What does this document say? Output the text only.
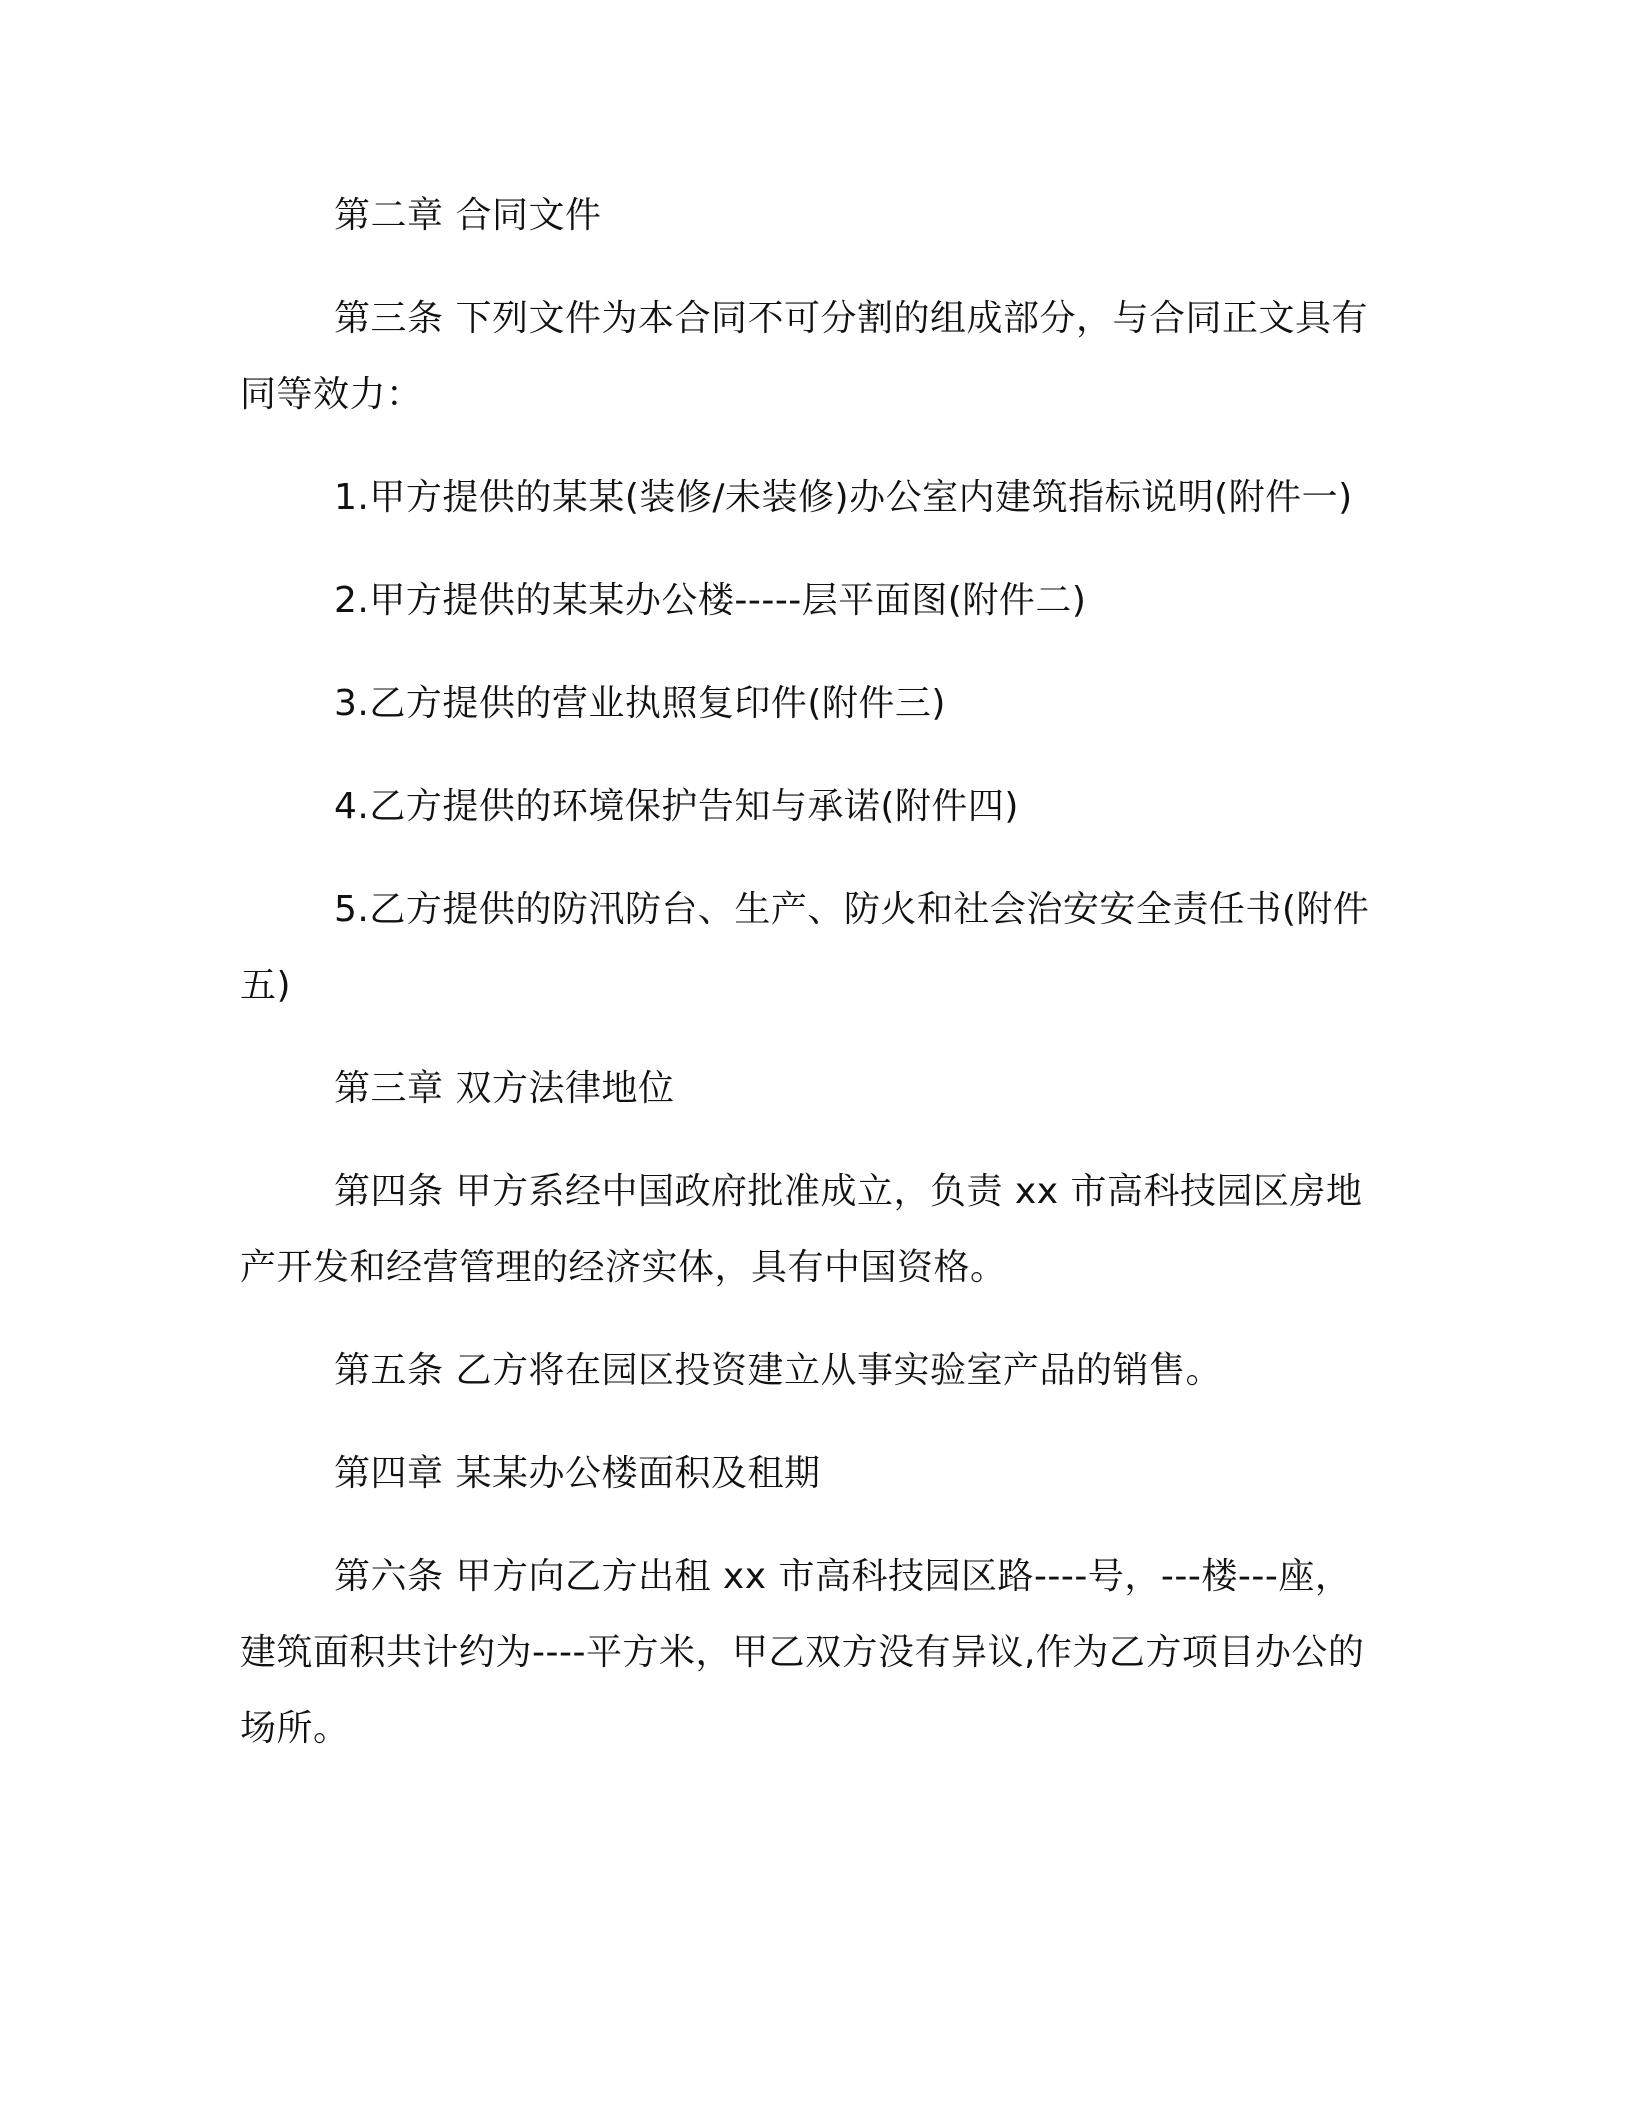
第二章 合同文件
第三条 下列文件为本合同不可分割的组成部分，与合同正文具有
同等效力：
1.甲方提供的某某(装修/未装修)办公室内建筑指标说明(附件一)
2.甲方提供的某某办公楼-----层平面图(附件二)
3.乙方提供的营业执照复印件(附件三)
4.乙方提供的环境保护告知与承诺(附件四)
5.乙方提供的防汛防台、生产、防火和社会治安安全责任书(附件
五)
第三章 双方法律地位
第四条 甲方系经中国政府批准成立，负责 xx 市高科技园区房地
产开发和经营管理的经济实体，具有中国资格。
第五条 乙方将在园区投资建立从事实验室产品的销售。
第四章 某某办公楼面积及租期
第六条 甲方向乙方出租 xx 市高科技园区路----号，---楼---座，
建筑面积共计约为----平方米，甲乙双方没有异议,作为乙方项目办公的
场所。
